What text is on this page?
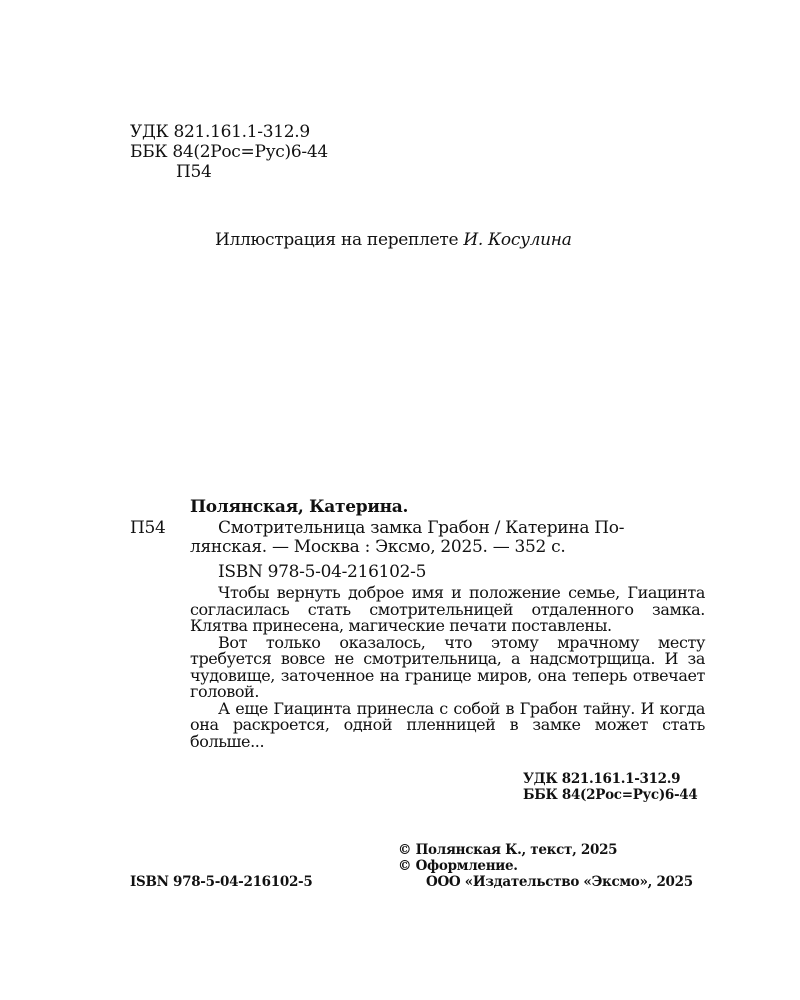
УДК 821.161.1-312.9
ББК 84(2Рос=Рус)6-44
П54
Иллюстрация на переплете И. Косулина
Полянская, Катерина.
П54	Смотрительница замка Грабон / Катерина По-
лянская. — Москва : Эксмо, 2025. — 352 с.
ISBN 978-5-04-216102-5

Чтобы вернуть доброе имя и положение семье, Гиацинта согласилась стать смотрительницей отдаленного замка. Клятва принесена, магические печати поставлены.

Вот только оказалось, что этому мрачному месту требуется вовсе не смотрительница, а надсмотрщица. И за чудовище, заточенное на границе миров, она теперь отвечает головой.

А еще Гиацинта принесла с собой в Грабон тайну. И когда она раскроется, одной пленницей в замке может стать больше...

УДК 821.161.1-312.9
ББК 84(2Рос=Рус)6-44
© Полянская К., текст, 2025
© Оформление.
ООО «Издательство «Эксмо», 2025
ISBN 978-5-04-216102-5
